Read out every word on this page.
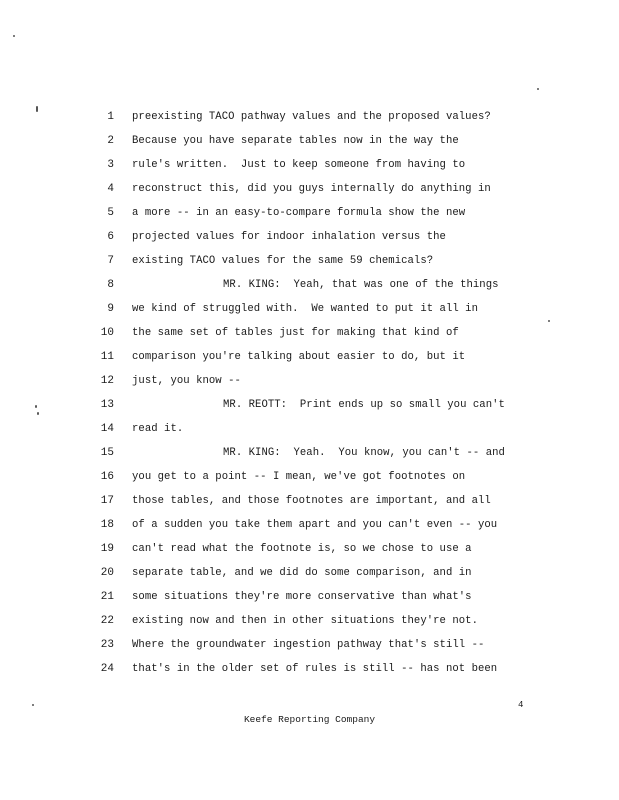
1 preexisting TACO pathway values and the proposed values?
2 Because you have separate tables now in the way the
3 rule's written.  Just to keep someone from having to
4 reconstruct this, did you guys internally do anything in
5 a more -- in an easy-to-compare formula show the new
6 projected values for indoor inhalation versus the
7 existing TACO values for the same 59 chemicals?
8	MR. KING:  Yeah, that was one of the things
9 we kind of struggled with.  We wanted to put it all in
10 the same set of tables just for making that kind of
11 comparison you're talking about easier to do, but it
12 just, you know --
13	MR. REOTT:  Print ends up so small you can't
14 read it.
15	MR. KING:  Yeah.  You know, you can't -- and
16 you get to a point -- I mean, we've got footnotes on
17 those tables, and those footnotes are important, and all
18 of a sudden you take them apart and you can't even -- you
19 can't read what the footnote is, so we chose to use a
20 separate table, and we did do some comparison, and in
21 some situations they're more conservative than what's
22 existing now and then in other situations they're not.
23 Where the groundwater ingestion pathway that's still --
24 that's in the older set of rules is still -- has not been
4
Keefe Reporting Company
